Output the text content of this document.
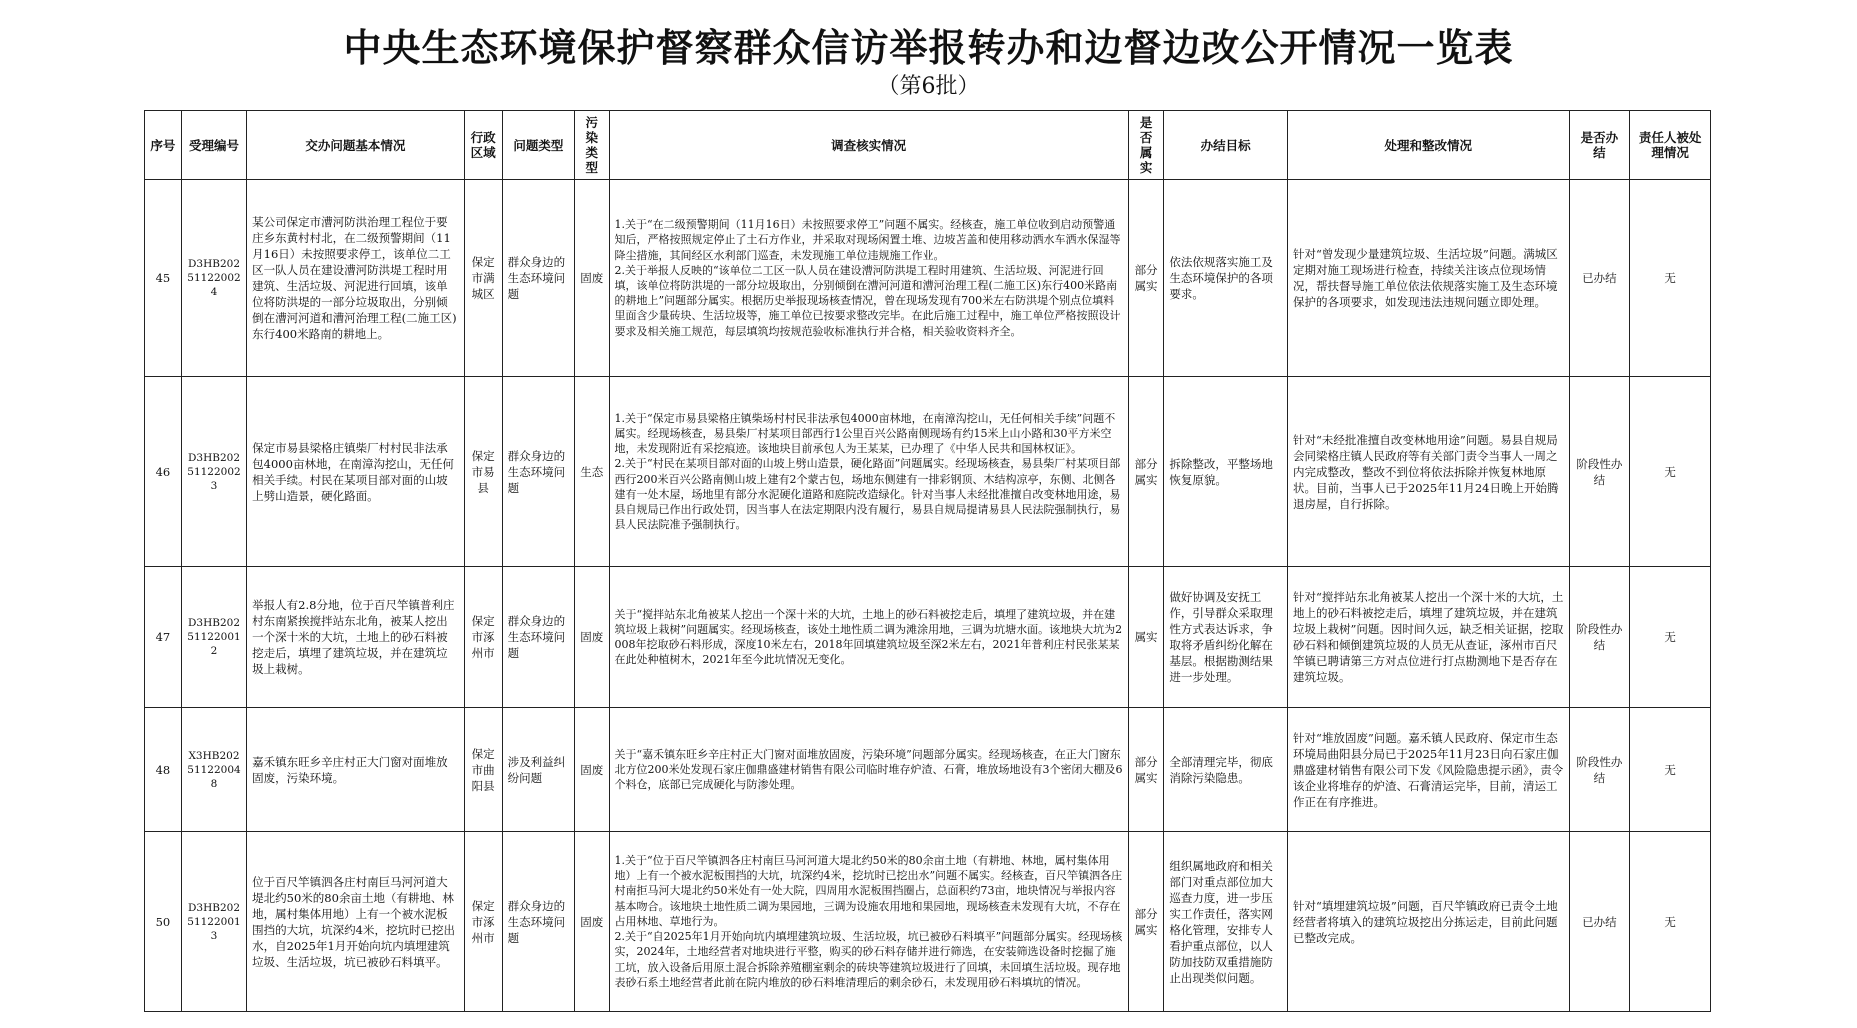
中央生态环境保护督察群众信访举报转办和边督边改公开情况一览表
（第6批）
序号	受理编号	交办问题基本情况	行政区域	问题类型	污染类型	调查核实情况	是否属实	办结目标	处理和整改情况	是否办结	责任人被处理情况
45	D3HB202511220024	某公司保定市漕河防洪治理工程位于要庄乡东黄村村北，在二级预警期间（11月16日）未按照要求停工，该单位二工区一队人员在建设漕河防洪堤工程时用建筑、生活垃圾、河泥进行回填，该单位将防洪堤的一部分垃圾取出，分别倾倒在漕河河道和漕河治理工程(二施工区)东行400米路南的耕地上。	保定市满城区	群众身边的生态环境问题	固废	1.关于“在二级预警期间（11月16日）未按照要求停工”问题不属实。经核查，施工单位收到启动预警通知后，严格按照规定停止了土石方作业，并采取对现场闲置土堆、边坡苫盖和使用移动洒水车洒水保湿等降尘措施，其间经区水利部门巡查，未发现施工单位违规施工作业。
2.关于举报人反映的“该单位二工区一队人员在建设漕河防洪堤工程时用建筑、生活垃圾、河泥进行回填，该单位将防洪堤的一部分垃圾取出，分别倾倒在漕河河道和漕河治理工程(二施工区)东行400米路南的耕地上”问题部分属实。根据历史举报现场核查情况，曾在现场发现有700米左右防洪堤个别点位填料里面含少量砖块、生活垃圾等，施工单位已按要求整改完毕。在此后施工过程中，施工单位严格按照设计要求及相关施工规范，每层填筑均按规范验收标准执行并合格，相关验收资料齐全。	部分属实	依法依规落实施工及生态环境保护的各项要求。	针对“曾发现少量建筑垃圾、生活垃圾”问题。满城区定期对施工现场进行检查，持续关注该点位现场情况，帮扶督导施工单位依法依规落实施工及生态环境保护的各项要求，如发现违法违规问题立即处理。	已办结	无
46	D3HB202511220023	保定市易县梁格庄镇柴厂村村民非法承包4000亩林地，在南漳沟挖山，无任何相关手续。村民在某项目部对面的山坡上劈山造景，硬化路面。	保定市易县	群众身边的生态环境问题	生态	1.关于“保定市易县梁格庄镇柴场村村民非法承包4000亩林地，在南漳沟挖山，无任何相关手续”问题不属实。经现场核查，易县柴厂村某项目部西行1公里百兴公路南侧现场有约15米上山小路和30平方米空地，未发现附近有采挖痕迹。该地块目前承包人为王某某，已办理了《中华人民共和国林权证》。
2.关于“村民在某项目部对面的山坡上劈山造景，硬化路面”问题属实。经现场核查，易县柴厂村某项目部西行200米百兴公路南侧山坡上建有2个蒙古包，场地东侧建有一排彩钢顶、木结构凉亭，东侧、北侧各建有一处木屋，场地里有部分水泥硬化道路和庭院改造绿化。针对当事人未经批准擅自改变林地用途，易县自规局已作出行政处罚，因当事人在法定期限内没有履行，易县自规局提请易县人民法院强制执行，易县人民法院准予强制执行。	部分属实	拆除整改，平整场地恢复原貌。	针对“未经批准擅自改变林地用途”问题。易县自规局会同梁格庄镇人民政府等有关部门责令当事人一周之内完成整改，整改不到位将依法拆除并恢复林地原状。目前，当事人已于2025年11月24日晚上开始腾退房屋，自行拆除。	阶段性办结	无
47	D3HB202511220012	举报人有2.8分地，位于百尺竿镇普利庄村东南紧挨搅拌站东北角，被某人挖出一个深十米的大坑，土地上的砂石料被挖走后，填埋了建筑垃圾，并在建筑垃圾上栽树。	保定市涿州市	群众身边的生态环境问题	固废	关于“搅拌站东北角被某人挖出一个深十米的大坑，土地上的砂石料被挖走后，填埋了建筑垃圾，并在建筑垃圾上栽树”问题属实。经现场核查，该处土地性质二调为滩涂用地，三调为坑塘水面。该地块大坑为2008年挖取砂石料形成，深度10米左右，2018年回填建筑垃圾至深2米左右，2021年普利庄村民张某某在此处种植树木，2021年至今此坑情况无变化。	属实	做好协调及安抚工作，引导群众采取理性方式表达诉求，争取将矛盾纠纷化解在基层。根据勘测结果进一步处理。	针对“搅拌站东北角被某人挖出一个深十米的大坑，土地上的砂石料被挖走后，填埋了建筑垃圾，并在建筑垃圾上栽树”问题。因时间久远，缺乏相关证据，挖取砂石料和倾倒建筑垃圾的人员无从查证，涿州市百尺竿镇已聘请第三方对点位进行打点勘测地下是否存在建筑垃圾。	阶段性办结	无
48	X3HB202511220048	嘉禾镇东旺乡辛庄村正大门窗对面堆放固废，污染环境。	保定市曲阳县	涉及利益纠纷问题	固废	关于“嘉禾镇东旺乡辛庄村正大门窗对面堆放固废，污染环境”问题部分属实。经现场核查，在正大门窗东北方位200米处发现石家庄伽鼎盛建材销售有限公司临时堆存炉渣、石膏，堆放场地设有3个密闭大棚及6个料仓，底部已完成硬化与防渗处理。	部分属实	全部清理完毕，彻底消除污染隐患。	针对“堆放固废”问题。嘉禾镇人民政府、保定市生态环境局曲阳县分局已于2025年11月23日向石家庄伽鼎盛建材销售有限公司下发《风险隐患提示函》，责令该企业将堆存的炉渣、石膏清运完毕，目前，清运工作正在有序推进。	阶段性办结	无
50	D3HB202511220013	位于百尺竿镇泗各庄村南巨马河河道大堤北约50米的80余亩土地（有耕地、林地，属村集体用地）上有一个被水泥板围挡的大坑，坑深约4米，挖坑时已挖出水，自2025年1月开始向坑内填埋建筑垃圾、生活垃圾，坑已被砂石料填平。	保定市涿州市	群众身边的生态环境问题	固废	1.关于“位于百尺竿镇泗各庄村南巨马河河道大堤北约50米的80余亩土地（有耕地、林地，属村集体用地）上有一个被水泥板围挡的大坑，坑深约4米，挖坑时已挖出水”问题不属实。经核查，百尺竿镇泗各庄村南拒马河大堤北约50米处有一处大院，四周用水泥板围挡圈占，总面积约73亩，地块情况与举报内容基本吻合。该地块土地性质二调为果园地，三调为设施农用地和果园地，现场核查未发现有大坑，不存在占用林地、草地行为。
2.关于“自2025年1月开始向坑内填埋建筑垃圾、生活垃圾，坑已被砂石料填平”问题部分属实。经现场核实，2024年，土地经营者对地块进行平整，购买的砂石料存储并进行筛选，在安装筛选设备时挖掘了施工坑，放入设备后用原土混合拆除养殖棚室剩余的砖块等建筑垃圾进行了回填，未回填生活垃圾。现存地表砂石系土地经营者此前在院内堆放的砂石料堆清理后的剩余砂石，未发现用砂石料填坑的情况。	部分属实	组织属地政府和相关部门对重点部位加大巡查力度，进一步压实工作责任，落实网格化管理，安排专人看护重点部位，以人防加技防双重措施防止出现类似问题。	针对“填埋建筑垃圾”问题，百尺竿镇政府已责令土地经营者将填入的建筑垃圾挖出分拣运走，目前此问题已整改完成。	已办结	无
